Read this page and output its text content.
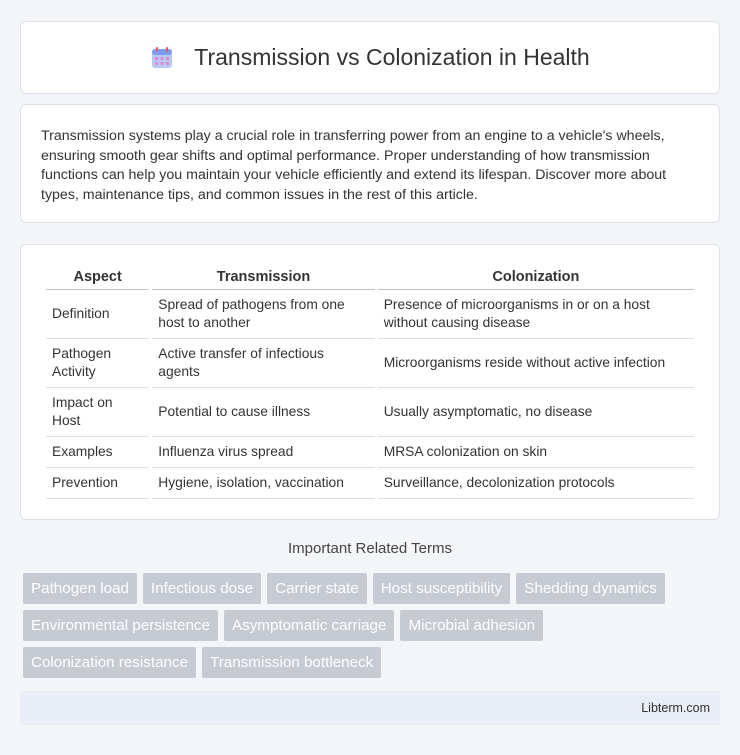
Transmission vs Colonization in Health

Transmission systems play a crucial role in transferring power from an engine to a vehicle's wheels, ensuring smooth gear shifts and optimal performance. Proper understanding of how transmission functions can help you maintain your vehicle efficiently and extend its lifespan. Discover more about types, maintenance tips, and common issues in the rest of this article.

Aspect	Transmission	Colonization
Definition	Spread of pathogens from one host to another	Presence of microorganisms in or on a host without causing disease
Pathogen Activity	Active transfer of infectious agents	Microorganisms reside without active infection
Impact on Host	Potential to cause illness	Usually asymptomatic, no disease
Examples	Influenza virus spread	MRSA colonization on skin
Prevention	Hygiene, isolation, vaccination	Surveillance, decolonization protocols
Important Related Terms
Pathogen load	Infectious dose	Carrier state	Host susceptibility	Shedding dynamics
Environmental persistence	Asymptomatic carriage	Microbial adhesion
Colonization resistance	Transmission bottleneck
Libterm.com
